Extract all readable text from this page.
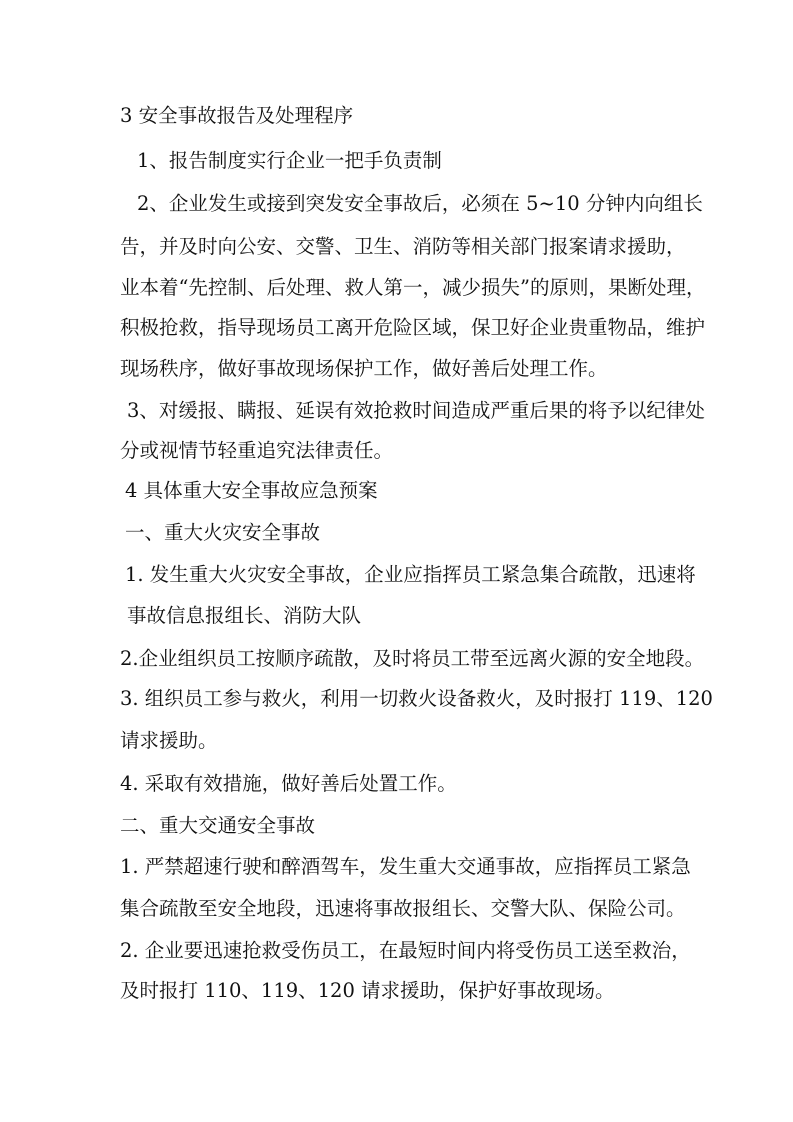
3 安全事故报告及处理程序
1、报告制度实行企业一把手负责制
2、企业发生或接到突发安全事故后，必须在 5~10 分钟内向组长
告，并及时向公安、交警、卫生、消防等相关部门报案请求援助，
业本着“先控制、后处理、救人第一，减少损失”的原则，果断处理，
积极抢救，指导现场员工离开危险区域，保卫好企业贵重物品，维护
现场秩序，做好事故现场保护工作，做好善后处理工作。
3、对缓报、瞒报、延误有效抢救时间造成严重后果的将予以纪律处
分或视情节轻重追究法律责任。
4 具体重大安全事故应急预案
一、重大火灾安全事故
1. 发生重大火灾安全事故，企业应指挥员工紧急集合疏散，迅速将
事故信息报组长、消防大队
2.企业组织员工按顺序疏散，及时将员工带至远离火源的安全地段。
3. 组织员工参与救火，利用一切救火设备救火，及时报打 119、120
请求援助。
4. 采取有效措施，做好善后处置工作。
二、重大交通安全事故
1. 严禁超速行驶和醉酒驾车，发生重大交通事故，应指挥员工紧急
集合疏散至安全地段，迅速将事故报组长、交警大队、保险公司。
2. 企业要迅速抢救受伤员工，在最短时间内将受伤员工送至救治，
及时报打 110、119、120 请求援助，保护好事故现场。
